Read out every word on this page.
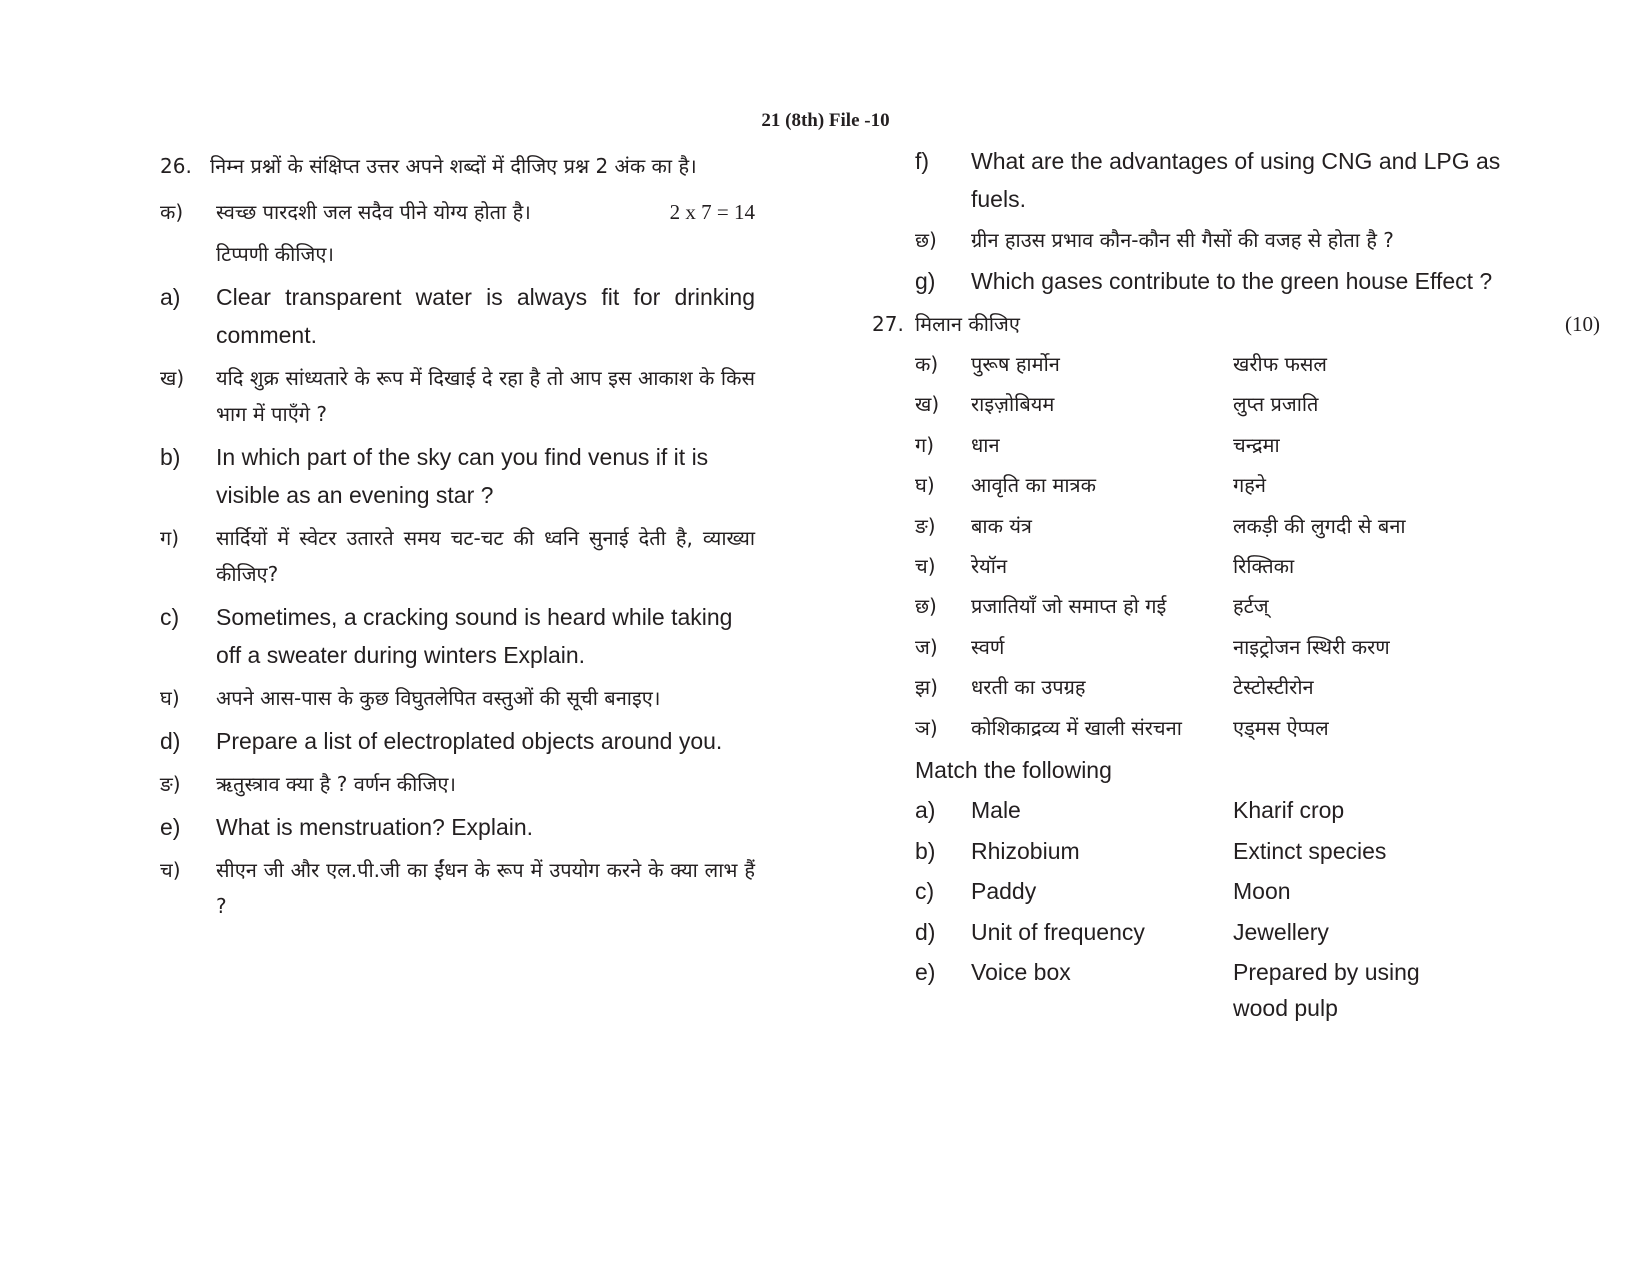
21 (8th) File -10
26. निम्न प्रश्नों के संक्षिप्त उत्तर अपने शब्दों में दीजिए प्रश्न 2 अंक का है।
क)	स्वच्छ पारदशी जल सदैव पीने योग्य होता है।	2 x 7 = 14
टिप्पणी कीजिए।
a)	Clear transparent water is always fit for drinking comment.
ख)	यदि शुक्र सांध्यतारे के रूप में दिखाई दे रहा है तो आप इस आकाश के किस भाग में पाएँगे ?
b)	In which part of the sky can you find venus if it is visible as an evening star ?
ग)	सार्दियों में स्वेटर उतारते समय चट-चट की ध्वनि सुनाई देती है, व्याख्या कीजिए?
c)	Sometimes, a cracking sound is heard while taking off a sweater during winters Explain.
घ)	अपने आस-पास के कुछ विघुतलेपित वस्तुओं की सूची बनाइए।
d)	Prepare a list of electroplated objects around you.
ङ)	ऋतुस्त्राव क्या है ? वर्णन कीजिए।
e)	What is menstruation? Explain.
च)	सीएन जी और एल.पी.जी का ईंधन के रूप में उपयोग करने के क्या लाभ हैं ?
f)	What are the advantages of using CNG and LPG as fuels.
छ)	ग्रीन हाउस प्रभाव कौन-कौन सी गैसों की वजह से होता है ?
g)	Which gases contribute to the green house Effect ?
27. मिलान कीजिए	(10)
क)	पुरूष हार्मोन	खरीफ फसल
ख)	राइज़ोबियम	लुप्त प्रजाति
ग)	धान	चन्द्रमा
घ)	आवृति का मात्रक	गहने
ङ)	बाक यंत्र	लकड़ी की लुगदी से बना
च)	रेयॉन	रिक्तिका
छ)	प्रजातियाँ जो समाप्त हो गई	हर्टज्
ज)	स्वर्ण	नाइट्रोजन स्थिरी करण
झ)	धरती का उपग्रह	टेस्टोस्टीरोन
ञ)	कोशिकाद्रव्य में खाली संरचना	एड्मस ऐप्पल
Match the following
a)	Male	Kharif crop
b)	Rhizobium	Extinct species
c)	Paddy	Moon
d)	Unit of frequency	Jewellery
e)	Voice box	Prepared by using wood pulp
